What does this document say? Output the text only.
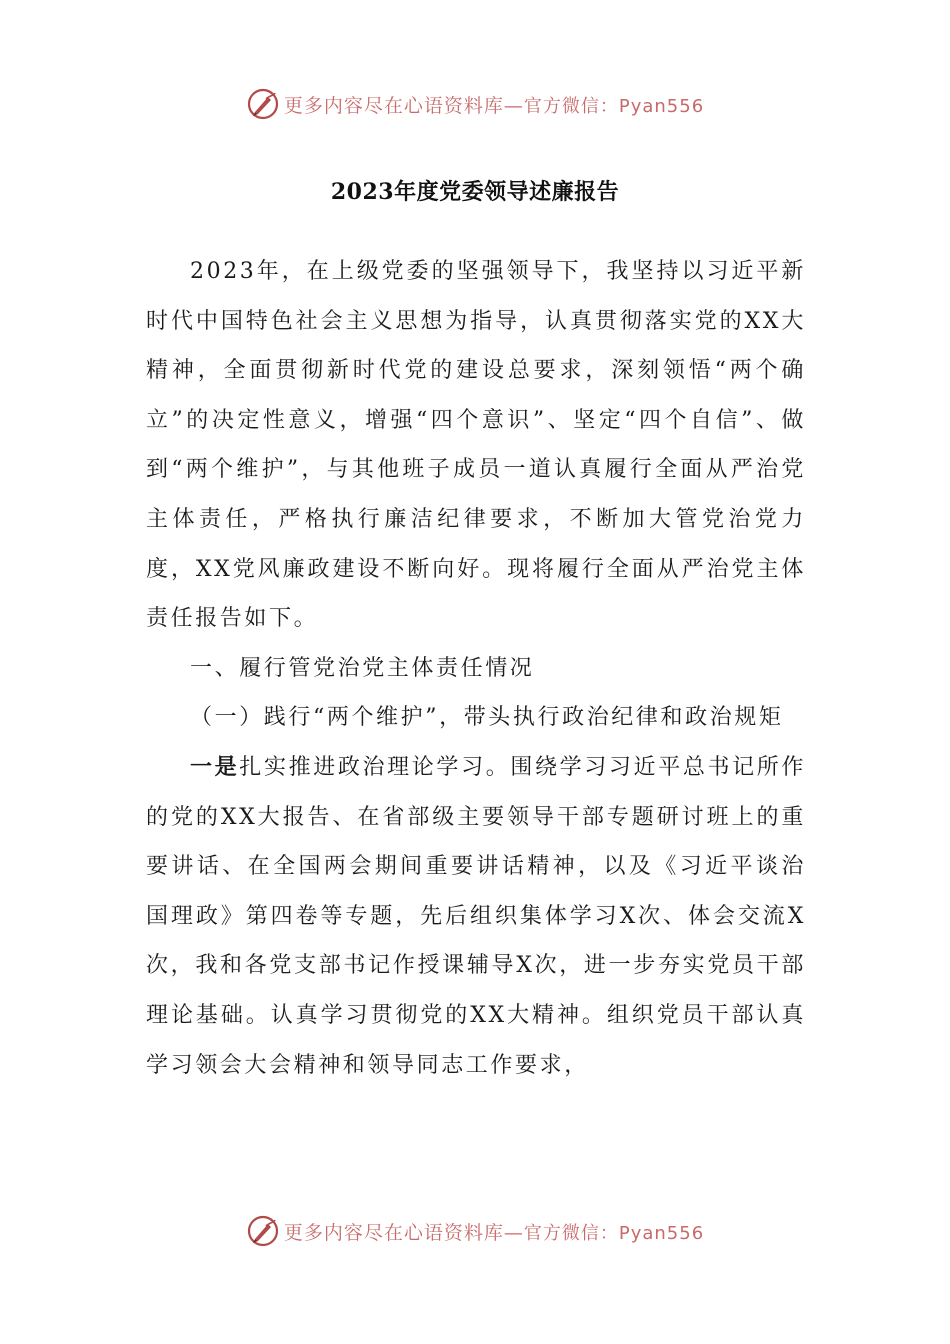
更多内容尽在心语资料库— 官方微信：Pyan556
2023年度党委领导述廉报告

2023年，在上级党委的坚强领导下，我坚持以习近平新时代中国特色社会主义思想为指导，认真贯彻落实党的XX大精神，全面贯彻新时代党的建设总要求，深刻领悟“两个确立”的决定性意义，增强“四个意识”、坚定“四个自信”、做到“两个维护”，与其他班子成员一道认真履行全面从严治党主体责任，严格执行廉洁纪律要求，不断加大管党治党力度，XX党风廉政建设不断向好。现将履行全面从严治党主体责任报告如下。

一、履行管党治党主体责任情况

（一）践行“两个维护”，带头执行政治纪律和政治规矩

一是扎实推进政治理论学习。围绕学习习近平总书记所作的党的XX大报告、在省部级主要领导干部专题研讨班上的重要讲话、在全国两会期间重要讲话精神，以及《习近平谈治国理政》第四卷等专题，先后组织集体学习X次、体会交流X次，我和各党支部书记作授课辅导X次，进一步夯实党员干部理论基础。认真学习贯彻党的XX大精神。组织党员干部认真学习领会大会精神和领导同志工作要求，

更多内容尽在心语资料库— 官方微信：Pyan556
